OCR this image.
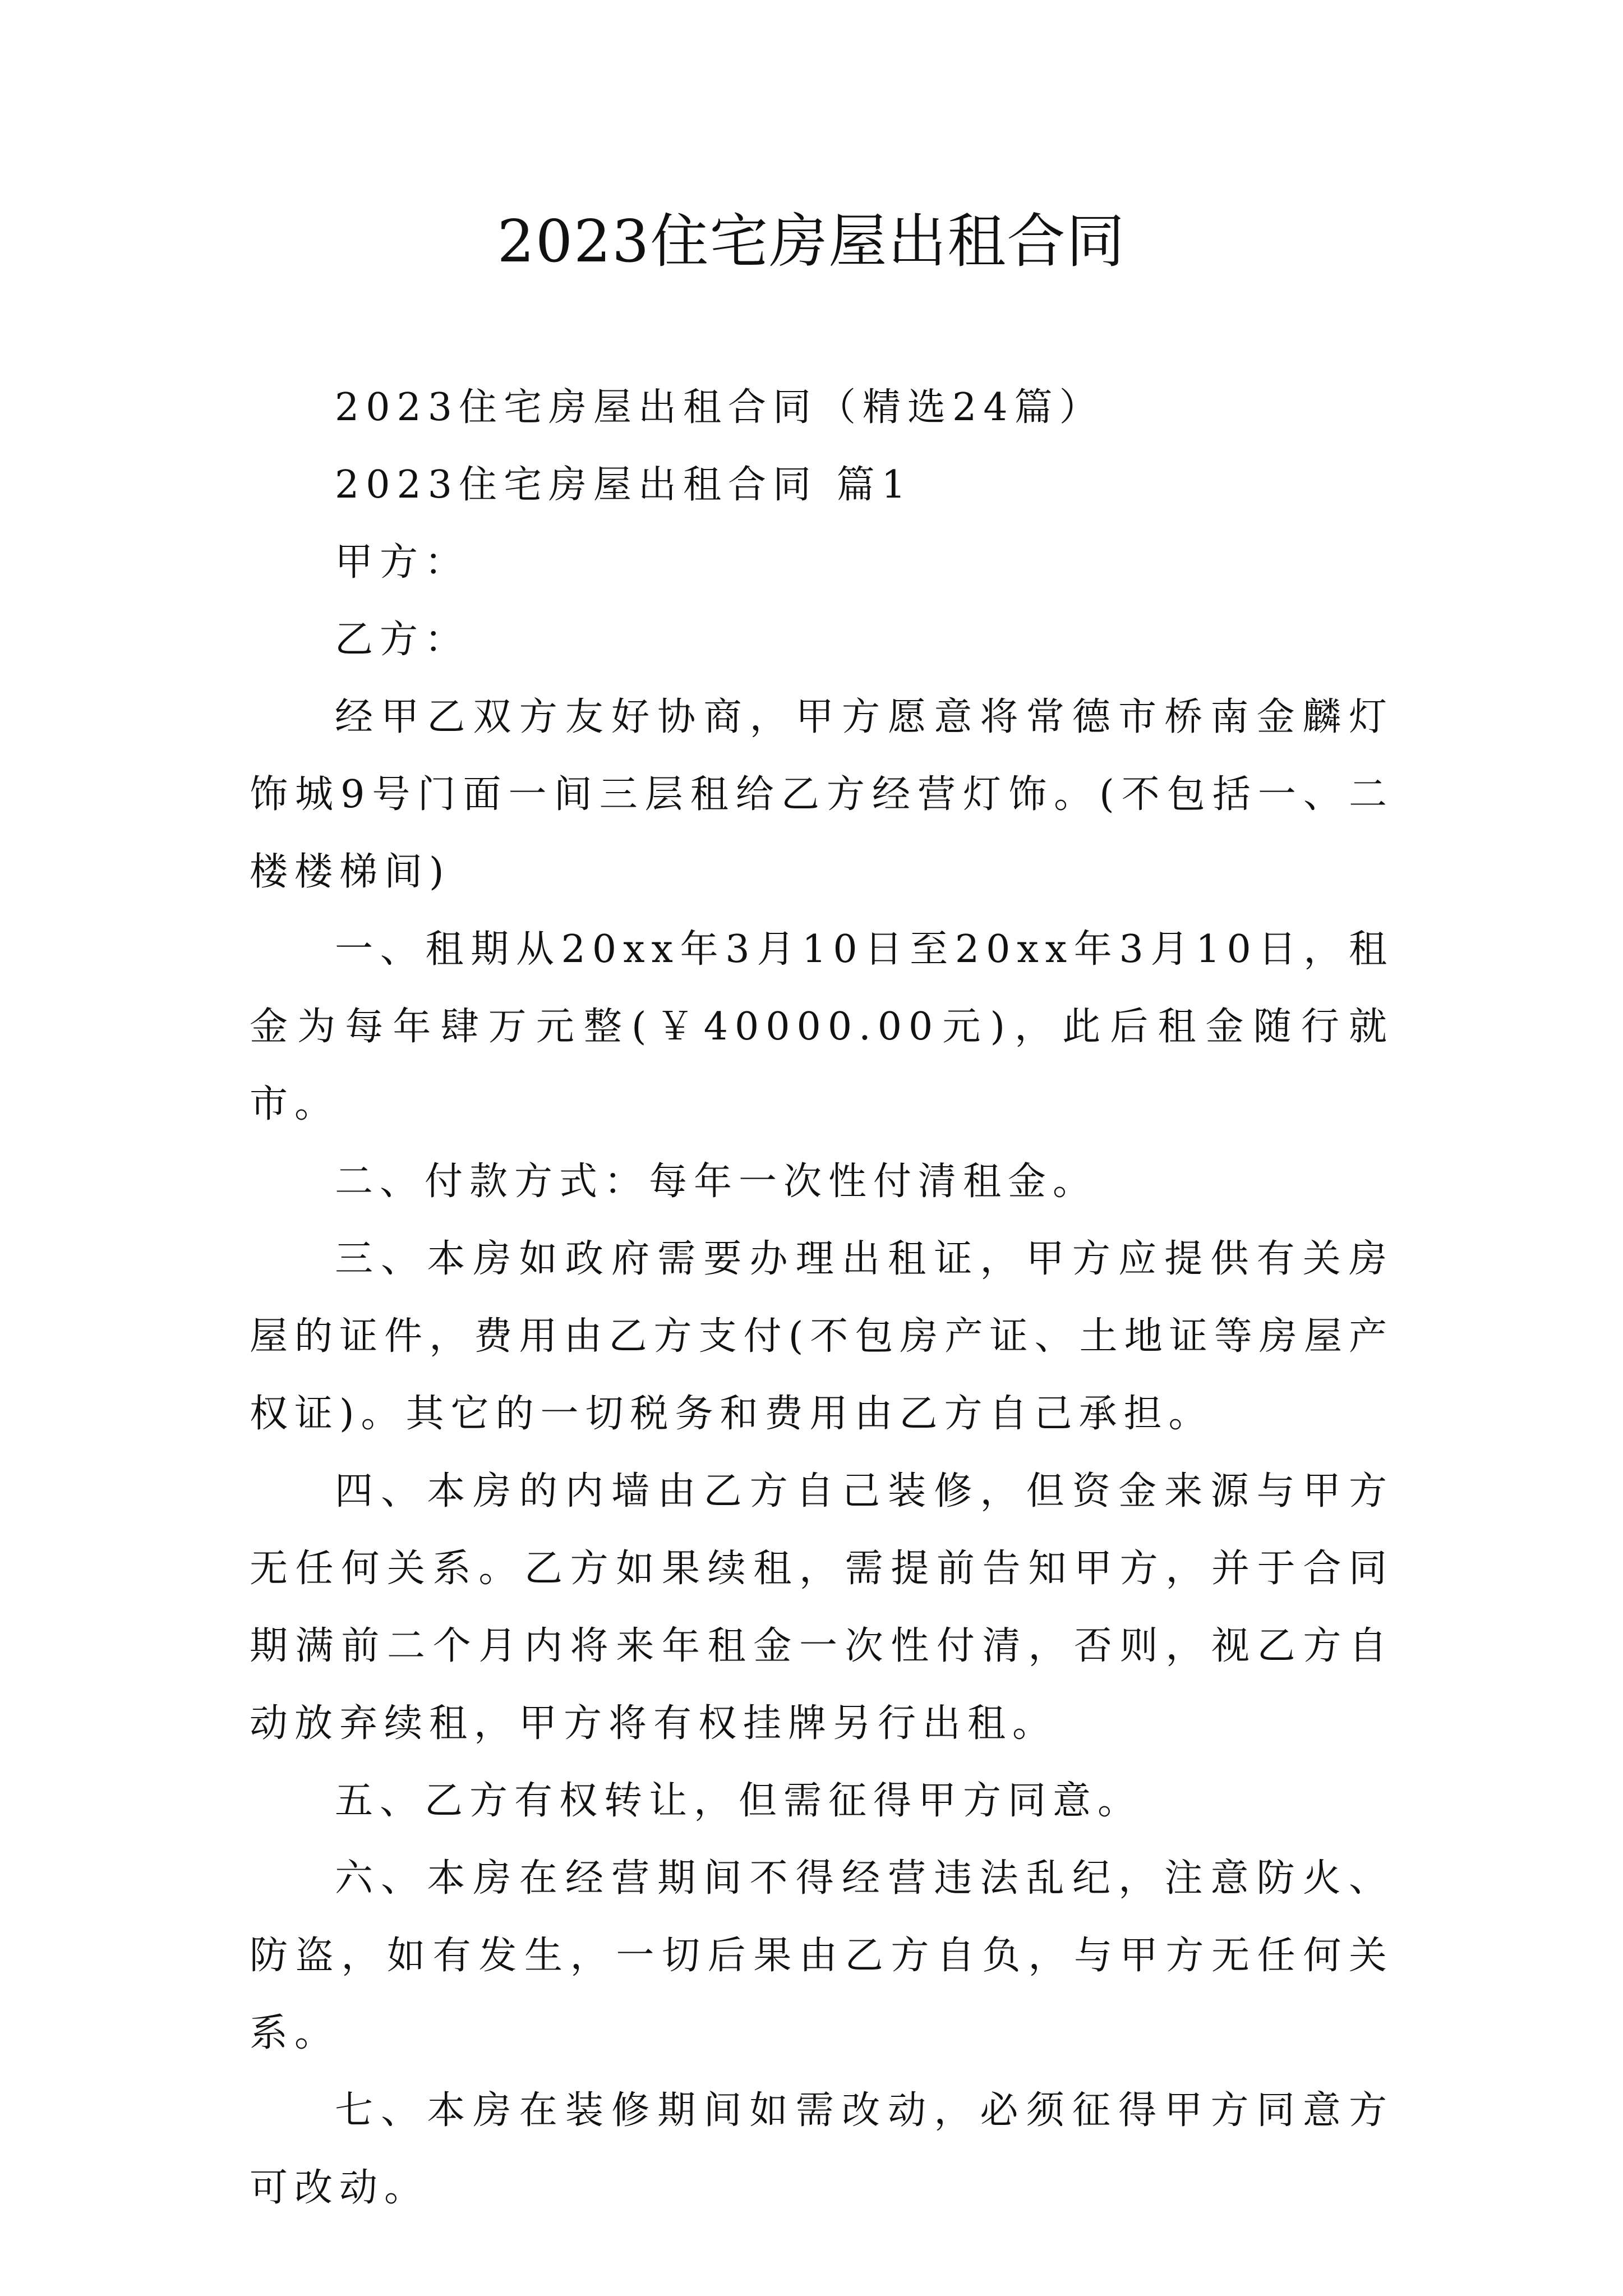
2023住宅房屋出租合同

2023住宅房屋出租合同（精选24篇）

2023住宅房屋出租合同 篇1

甲方：

乙方：

经甲乙双方友好协商，甲方愿意将常德市桥南金麟灯饰城9号门面一间三层租给乙方经营灯饰。(不包括一、二楼楼梯间)

一、租期从20xx年3月10日至20xx年3月10日，租金为每年肆万元整(￥40000.00元)，此后租金随行就市。

二、付款方式：每年一次性付清租金。

三、本房如政府需要办理出租证，甲方应提供有关房屋的证件，费用由乙方支付(不包房产证、土地证等房屋产权证)。其它的一切税务和费用由乙方自己承担。

四、本房的内墙由乙方自己装修，但资金来源与甲方无任何关系。乙方如果续租，需提前告知甲方，并于合同期满前二个月内将来年租金一次性付清，否则，视乙方自动放弃续租，甲方将有权挂牌另行出租。

五、乙方有权转让，但需征得甲方同意。

六、本房在经营期间不得经营违法乱纪，注意防火、防盗，如有发生，一切后果由乙方自负，与甲方无任何关系。

七、本房在装修期间如需改动，必须征得甲方同意方可改动。
